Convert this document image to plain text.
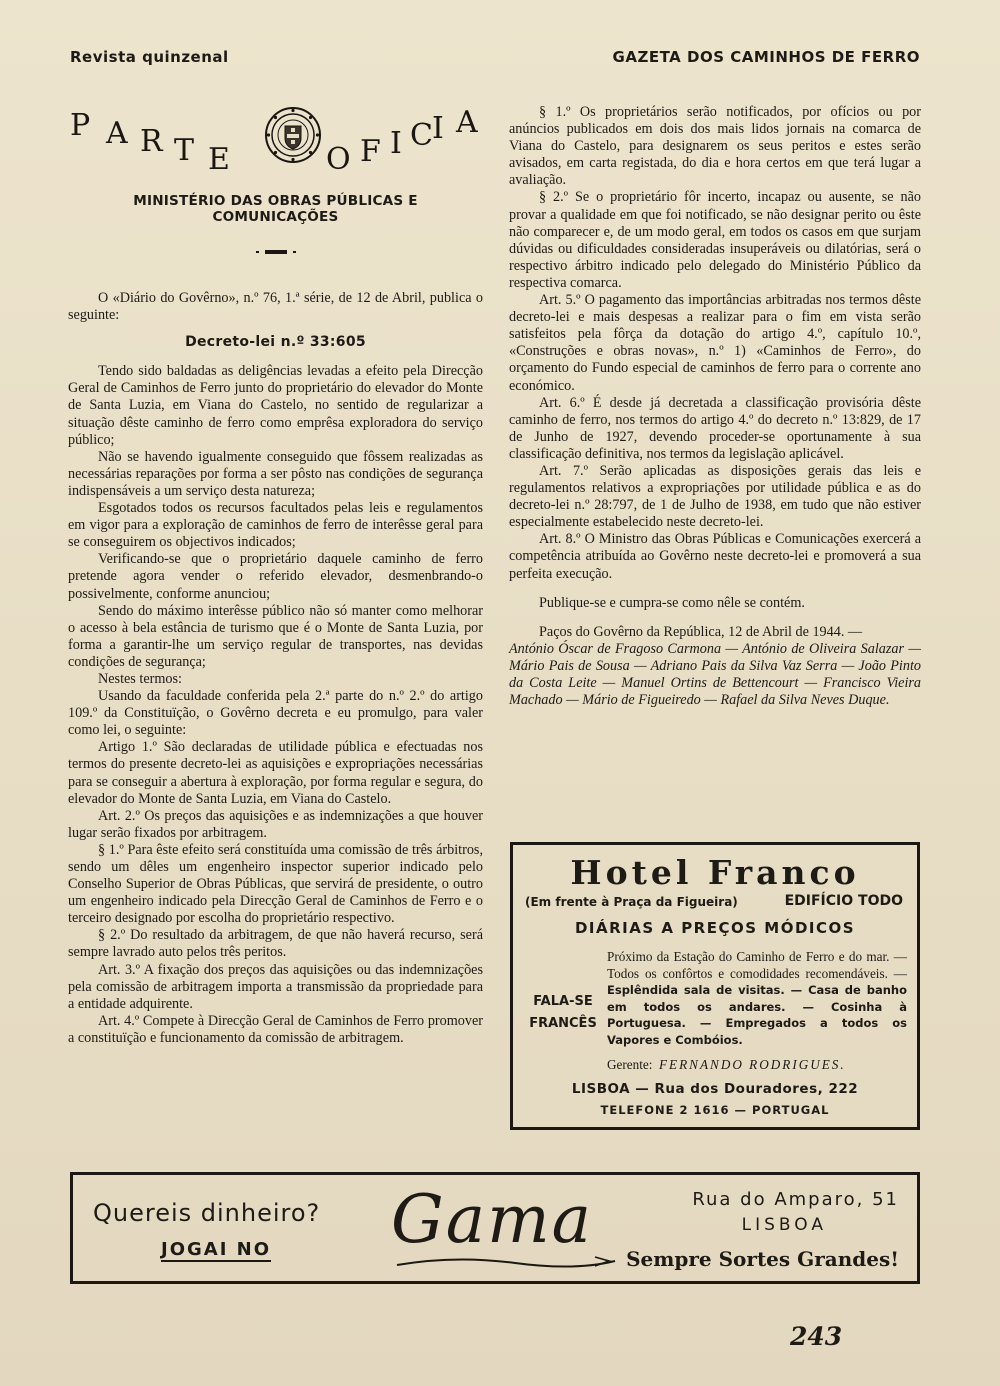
Revista quinzenal	GAZETA DOS CAMINHOS DE FERRO
P A R T E	O F I C I A
MINISTÉRIO DAS OBRAS PÚBLICAS E COMUNICAÇÕES

O «Diário do Govêrno», n.º 76, 1.ª série, de 12 de Abril, publica o seguinte:

Decreto-lei n.º 33:605

Tendo sido baldadas as deligências levadas a efeito pela Direcção Geral de Caminhos de Ferro junto do proprietário do elevador do Monte de Santa Luzia, em Viana do Castelo, no sentido de regularizar a situação dêste caminho de ferro como emprêsa exploradora do serviço público;

Não se havendo igualmente conseguido que fôssem realizadas as necessárias reparações por forma a ser pôsto nas condições de segurança indispensáveis a um serviço desta natureza;

Esgotados todos os recursos facultados pelas leis e regulamentos em vigor para a exploração de caminhos de ferro de interêsse geral para se conseguirem os objectivos indicados;

Verificando-se que o proprietário daquele caminho de ferro pretende agora vender o referido elevador, desmenbrando-o possivelmente, conforme anunciou;

Sendo do máximo interêsse público não só manter como melhorar o acesso à bela estância de turismo que é o Monte de Santa Luzia, por forma a garantir-lhe um serviço regular de transportes, nas devidas condições de segurança;

Nestes termos:

Usando da faculdade conferida pela 2.ª parte do n.º 2.º do artigo 109.º da Constituïção, o Govêrno decreta e eu promulgo, para valer como lei, o seguinte:

Artigo 1.º São declaradas de utilidade pública e efectuadas nos termos do presente decreto-lei as aquisições e expropriações necessárias para se conseguir a abertura à exploração, por forma regular e segura, do elevador do Monte de Santa Luzia, em Viana do Castelo.

Art. 2.º Os preços das aquisições e as indemnizações a que houver lugar serão fixados por arbitragem.

§ 1.º Para êste efeito será constituída uma comissão de três árbitros, sendo um dêles um engenheiro inspector superior indicado pelo Conselho Superior de Obras Públicas, que servirá de presidente, o outro um engenheiro indicado pela Direcção Geral de Caminhos de Ferro e o terceiro designado por escolha do proprietário respectivo.

§ 2.º Do resultado da arbitragem, de que não haverá recurso, será sempre lavrado auto pelos três peritos.

Art. 3.º A fixação dos preços das aquisições ou das indemnizações pela comissão de arbitragem importa a transmissão da propriedade para a entidade adquirente.

Art. 4.º Compete à Direcção Geral de Caminhos de Ferro promover a constituïção e funcionamento da comissão de arbitragem.

§ 1.º Os proprietários serão notificados, por ofícios ou por anúncios publicados em dois dos mais lidos jornais na comarca de Viana do Castelo, para designarem os seus peritos e estes serão avisados, em carta registada, do dia e hora certos em que terá lugar a avaliação.

§ 2.º Se o proprietário fôr incerto, incapaz ou ausente, se não provar a qualidade em que foi notificado, se não designar perito ou êste não comparecer e, de um modo geral, em todos os casos em que surjam dúvidas ou dificuldades consideradas insuperáveis ou dilatórias, será o respectivo árbitro indicado pelo delegado do Ministério Público da respectiva comarca.

Art. 5.º O pagamento das importâncias arbitradas nos termos dêste decreto-lei e mais despesas a realizar para o fim em vista serão satisfeitos pela fôrça da dotação do artigo 4.º, capítulo 10.º, «Construções e obras novas», n.º 1) «Caminhos de Ferro», do orçamento do Fundo especial de caminhos de ferro para o corrente ano económico.

Art. 6.º É desde já decretada a classificação provisória dêste caminho de ferro, nos termos do artigo 4.º do decreto n.º 13:829, de 17 de Junho de 1927, devendo proceder-se oportunamente à sua classificação definitiva, nos termos da legislação aplicável.

Art. 7.º Serão aplicadas as disposições gerais das leis e regulamentos relativos a expropriações por utilidade pública e as do decreto-lei n.º 28:797, de 1 de Julho de 1938, em tudo que não estiver especialmente estabelecido neste decreto-lei.

Art. 8.º O Ministro das Obras Públicas e Comunicações exercerá a competência atribuída ao Govêrno neste decreto-lei e promoverá a sua perfeita execução.

Publique-se e cumpra-se como nêle se contém.

Paços do Govêrno da República, 12 de Abril de 1944. —

António Óscar de Fragoso Carmona — António de Oliveira Salazar — Mário Pais de Sousa — Adriano Pais da Silva Vaz Serra — João Pinto da Costa Leite — Manuel Ortins de Bettencourt — Francisco Vieira Machado — Mário de Figueiredo — Rafael da Silva Neves Duque.

Hotel Franco
(Em frente à Praça da Figueira)	EDIFÍCIO TODO
DIÁRIAS A PREÇOS MÓDICOS
FALA-SE
FRANCÊS
Próximo da Estação do Caminho de Ferro e do mar. — Todos os confôrtos e comodidades recomendáveis. — Esplêndida sala de visitas. — Casa de banho em todos os andares. — Cosinha à Portuguesa. — Empregados a todos os Vapores e Combóios.
Gerente: FERNANDO RODRIGUES.
LISBOA — Rua dos Douradores, 222
TELEFONE 2 1616 — PORTUGAL
Quereis dinheiro?
JOGAI NO Gama	Rua do Amparo, 51
LISBOA
Sempre Sortes Grandes!
243
